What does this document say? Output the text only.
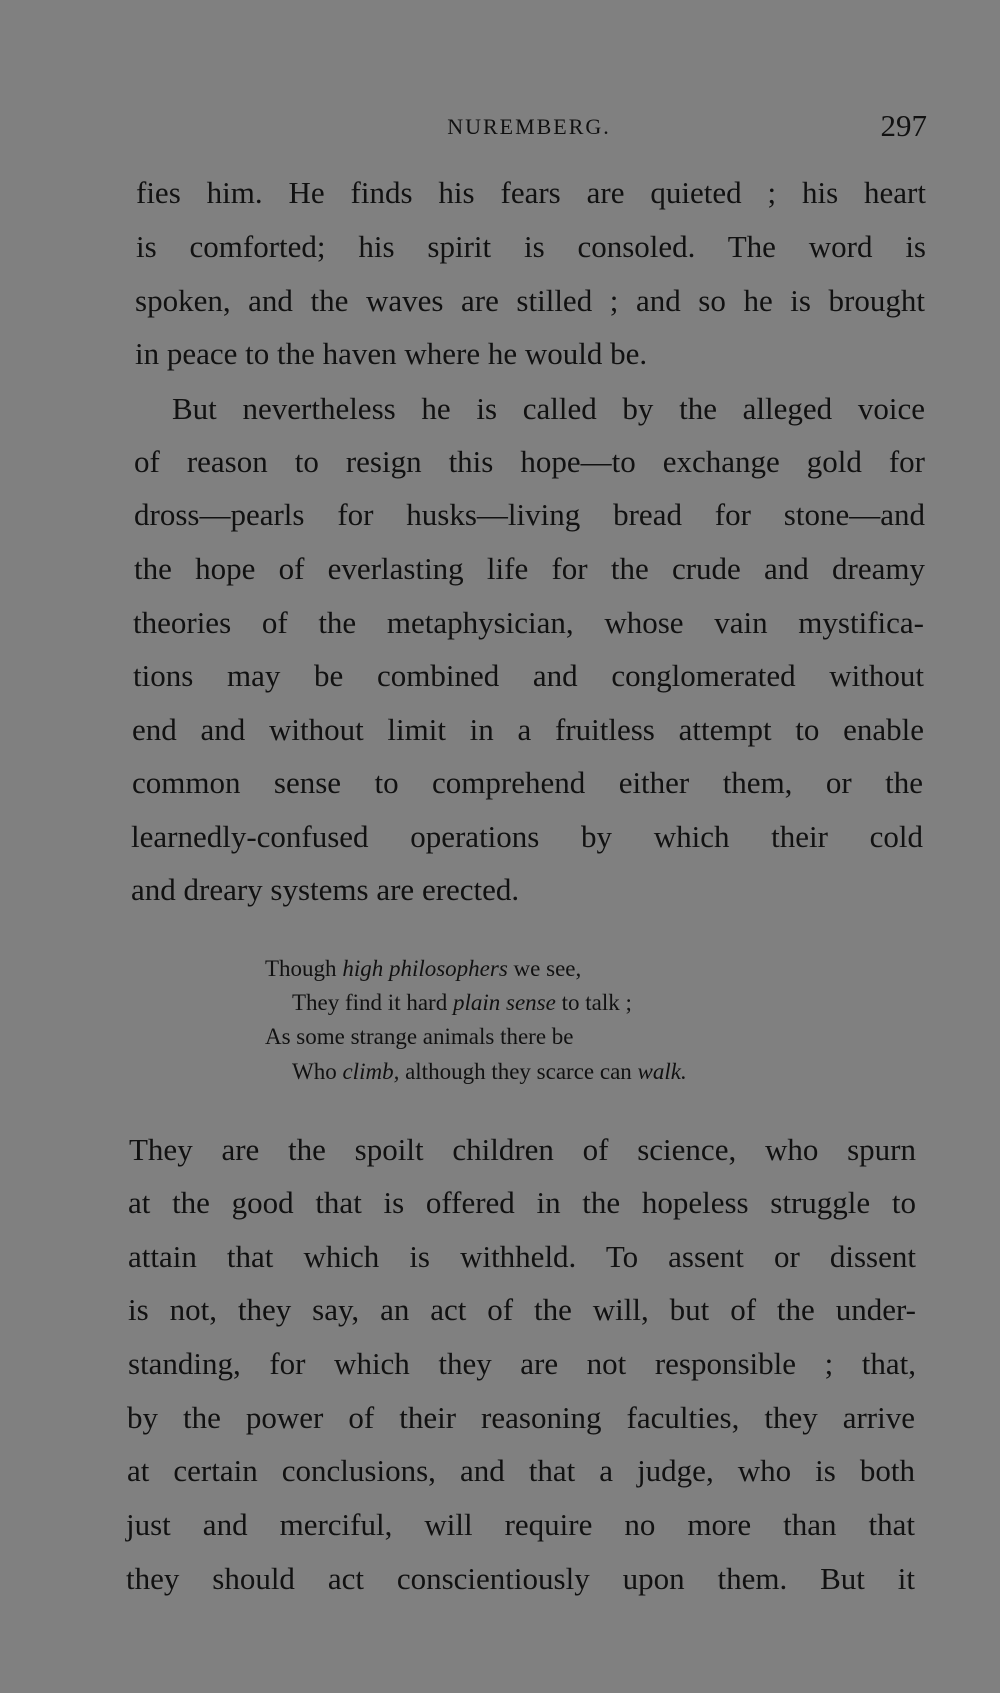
NUREMBERG.	297

fies him. He finds his fears are quieted ; his heart

is comforted; his spirit is consoled. The word is

spoken, and the waves are stilled ; and so he is brought

in peace to the haven where he would be.

But nevertheless he is called by the alleged voice

of reason to resign this hope—to exchange gold for

dross—pearls for husks—living bread for stone—and

the hope of everlasting life for the crude and dreamy

theories of the metaphysician, whose vain mystifica-

tions may be combined and conglomerated without

end and without limit in a fruitless attempt to enable

common sense to comprehend either them, or the

learnedly-confused operations by which their cold

and dreary systems are erected.

Though high philosophers we see,

They find it hard plain sense to talk ;

As some strange animals there be

Who climb, although they scarce can walk.

They are the spoilt children of science, who spurn

at the good that is offered in the hopeless struggle to

attain that which is withheld. To assent or dissent

is not, they say, an act of the will, but of the under-

standing, for which they are not responsible ; that,

by the power of their reasoning faculties, they arrive

at certain conclusions, and that a judge, who is both

just and merciful, will require no more than that

they should act conscientiously upon them. But it
